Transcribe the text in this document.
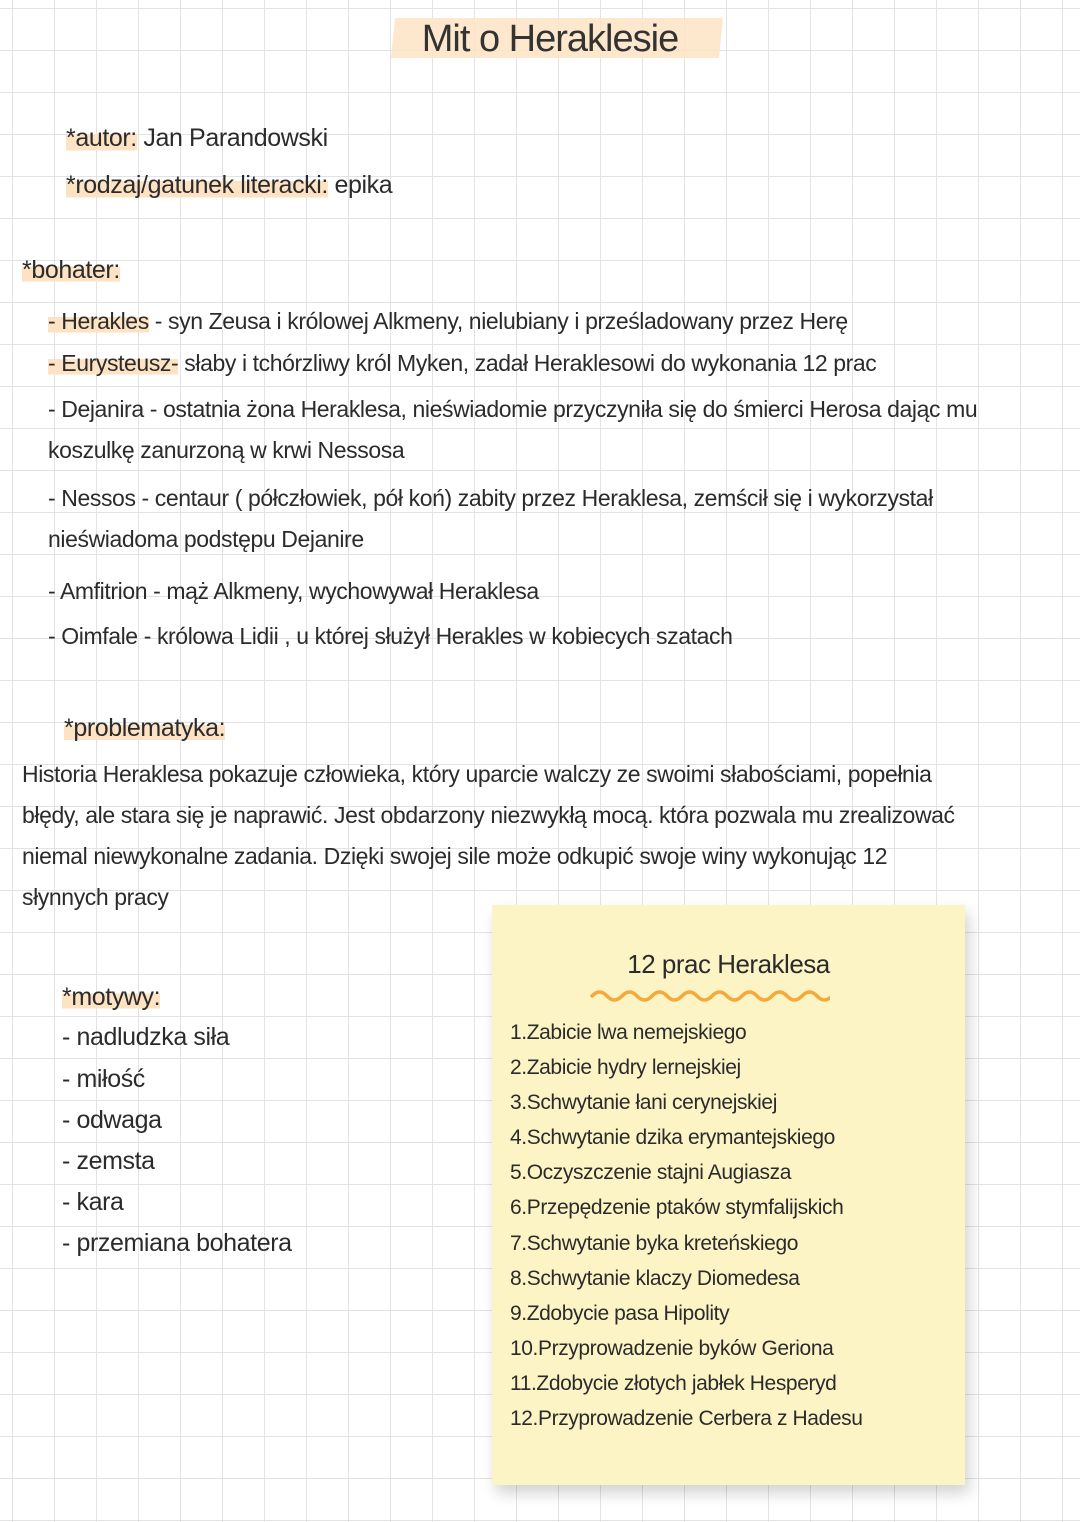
Mit o Heraklesie
*autor: Jan Parandowski
*rodzaj/gatunek literacki: epika
*bohater:
- Herakles - syn Zeusa i królowej Alkmeny, nielubiany i prześladowany przez Herę
- Eurysteusz- słaby i tchórzliwy król Myken, zadał Heraklesowi do wykonania 12 prac
- Dejanira - ostatnia żona Heraklesa, nieświadomie przyczyniła się do śmierci Herosa dając mu
koszulkę zanurzoną w krwi Nessosa
- Nessos - centaur ( półczłowiek, pół koń) zabity przez Heraklesa, zemścił się i wykorzystał
nieświadoma podstępu Dejanire
- Amfitrion - mąż Alkmeny, wychowywał Heraklesa
- Oimfale - królowa Lidii , u której służył Herakles w kobiecych szatach
*problematyka:
Historia Heraklesa pokazuje człowieka, który uparcie walczy ze swoimi słabościami, popełnia
błędy, ale stara się je naprawić. Jest obdarzony niezwykłą mocą. która pozwala mu zrealizować
niemal niewykonalne zadania. Dzięki swojej sile może odkupić swoje winy wykonując 12
słynnych pracy
*motywy:
- nadludzka siła
- miłość
- odwaga
- zemsta
- kara
- przemiana bohatera
12 prac Heraklesa
1.Zabicie lwa nemejskiego
2.Zabicie hydry lernejskiej
3.Schwytanie łani cerynejskiej
4.Schwytanie dzika erymantejskiego
5.Oczyszczenie stajni Augiasza
6.Przepędzenie ptaków stymfalijskich
7.Schwytanie byka kreteńskiego
8.Schwytanie klaczy Diomedesa
9.Zdobycie pasa Hipolity
10.Przyprowadzenie byków Geriona
11.Zdobycie złotych jabłek Hesperyd
12.Przyprowadzenie Cerbera z Hadesu
